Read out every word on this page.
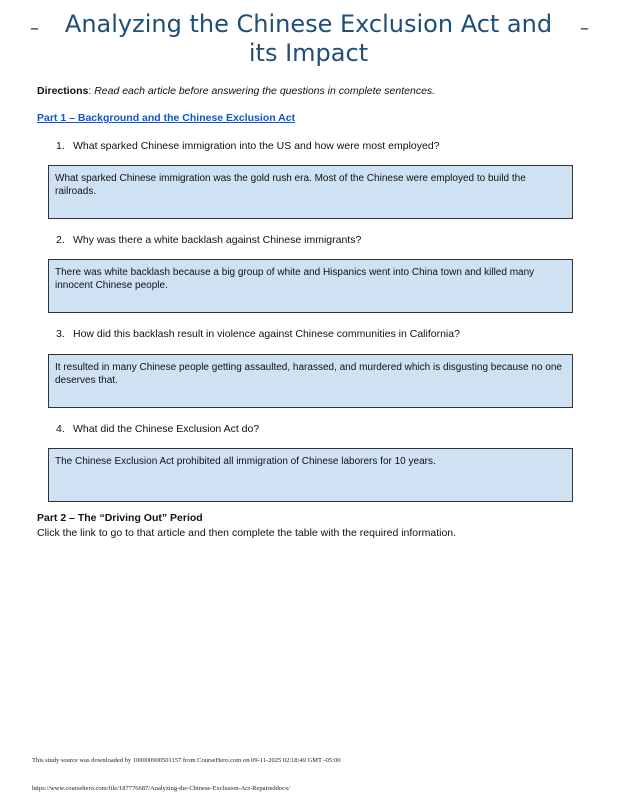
– Analyzing the Chinese Exclusion Act and its Impact
–
Directions: Read each article before answering the questions in complete sentences.
Part 1 – Background and the Chinese Exclusion Act
1. What sparked Chinese immigration into the US and how were most employed?
What sparked Chinese immigration was the gold rush era. Most of the Chinese were employed to build the railroads.
2. Why was there a white backlash against Chinese immigrants?
There was white backlash because a big group of white and Hispanics went into China town and killed many innocent Chinese people.
3. How did this backlash result in violence against Chinese communities in California?
It resulted in many Chinese people getting assaulted, harassed, and murdered which is disgusting because no one deserves that.
4. What did the Chinese Exclusion Act do?
The Chinese Exclusion Act prohibited all immigration of Chinese laborers for 10 years.
Part 2 – The “Driving Out” Period
Click the link to go to that article and then complete the table with the required information.
This study source was downloaded by 100000900501157 from CourseHero.com on 09-11-2025 02:18:49 GMT -05:00
https://www.coursehero.com/file/187776687/Analyzing-the-Chinese-Exclusion-Act-Repaireddocx/
